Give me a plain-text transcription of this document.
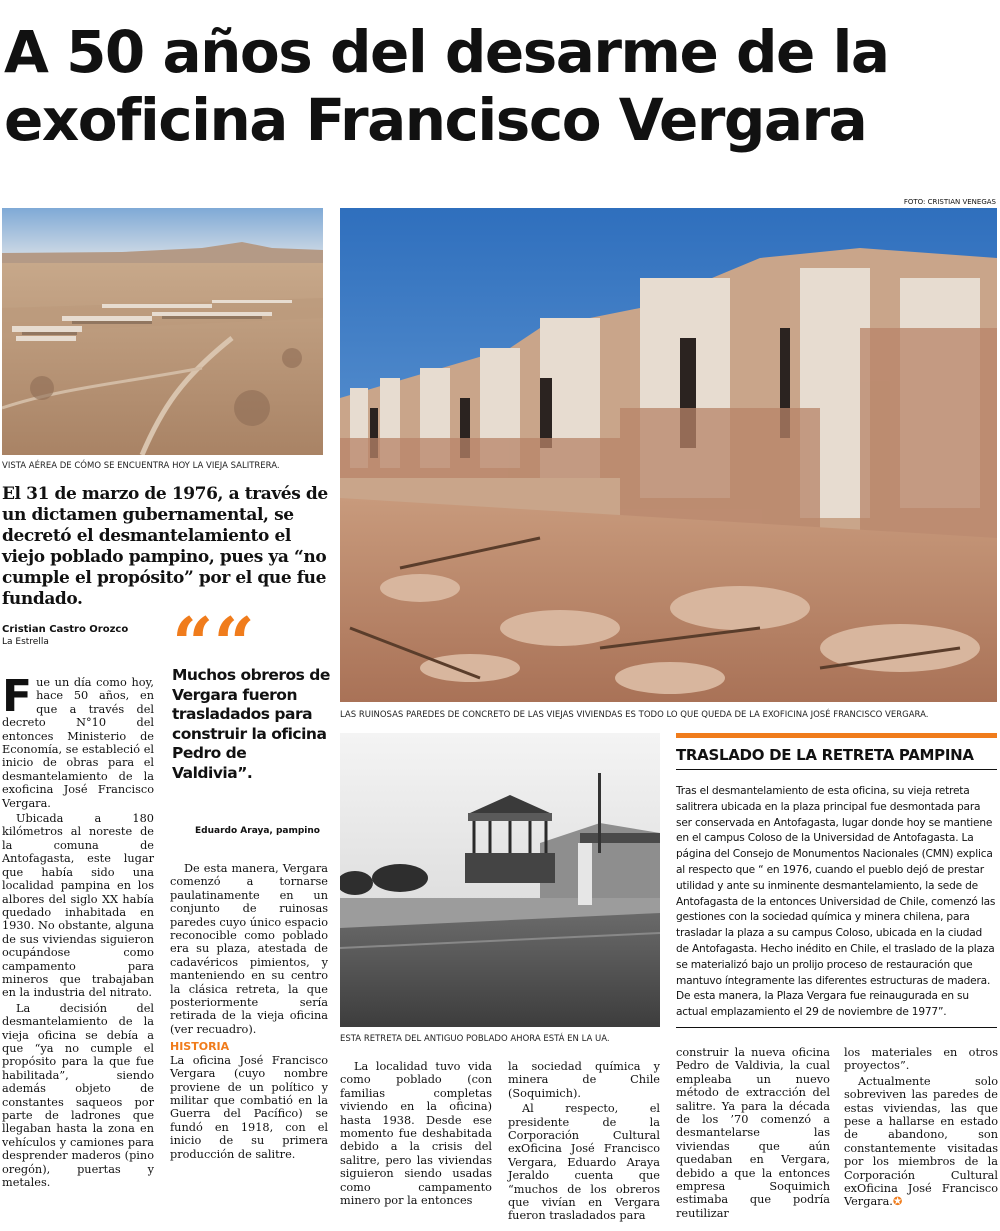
A 50 años del desarme de la exoficina Francisco Vergara
FOTO: CRISTIAN VENEGAS
VISTA AÉREA DE CÓMO SE ENCUENTRA HOY LA VIEJA SALITRERA.
El 31 de marzo de 1976, a través de un dictamen gubernamental, se decretó el desmantelamiento el viejo poblado pampino, pues ya “no cumple el propósito” por el que fue fundado.
Cristian Castro Orozco
La Estrella

Fue un día como hoy, hace 50 años, en que a través del decreto N°10 del entonces Ministerio de Economía, se estableció el inicio de obras para el desmantelamiento de la exoficina José Francisco Vergara.

Ubicada a 180 kilómetros al noreste de la comuna de Antofagasta, este lugar que había sido una localidad pampina en los albores del siglo XX había quedado inhabitada en 1930. No obstante, alguna de sus viviendas siguieron ocupándose como campamento para mineros que trabajaban en la industria del nitrato.

La decisión del desmantelamiento de la vieja oficina se debía a que “ya no cumple el propósito para la que fue habilitada”, siendo además objeto de constantes saqueos por parte de ladrones que llegaban hasta la zona en vehículos y camiones para desprender maderos (pino oregón), puertas y metales.

““
Muchos obreros de Vergara fueron trasladados para construir la oficina Pedro de Valdivia”.
Eduardo Araya, pampino

De esta manera, Vergara comenzó a tornarse paulatinamente en un conjunto de ruinosas paredes cuyo único espacio reconocible como poblado era su plaza, atestada de cadavéricos pimientos, y manteniendo en su centro la clásica retreta, la que posteriormente sería retirada de la vieja oficina (ver recuadro).

HISTORIA

La oficina José Francisco Vergara (cuyo nombre proviene de un político y militar que combatió en la Guerra del Pacífico) se fundó en 1918, con el inicio de su primera producción de salitre.

LAS RUINOSAS PAREDES DE CONCRETO DE LAS VIEJAS VIVIENDAS ES TODO LO QUE QUEDA DE LA EXOFICINA JOSÉ FRANCISCO VERGARA.
ESTA RETRETA DEL ANTIGUO POBLADO AHORA ESTÁ EN LA UA.

La localidad tuvo vida como poblado (con familias completas viviendo en la oficina) hasta 1938. Desde ese momento fue deshabitada debido a la crisis del salitre, pero las viviendas siguieron siendo usadas como campamento minero por la entonces

la sociedad química y minera de Chile (Soquimich).

Al respecto, el presidente de la Corporación Cultural exOficina José Francisco Vergara, Eduardo Araya Jeraldo cuenta que “muchos de los obreros que vivían en Vergara fueron trasladados para

TRASLADO DE LA RETRETA PAMPINA
Tras el desmantelamiento de esta oficina, su vieja retreta salitrera ubicada en la plaza principal fue desmontada para ser conservada en Antofagasta, lugar donde hoy se mantiene en el campus Coloso de la Universidad de Antofagasta. La página del Consejo de Monumentos Nacionales (CMN) explica al respecto que “ en 1976, cuando el pueblo dejó de prestar utilidad y ante su inminente desmantelamiento, la sede de Antofagasta de la entonces Universidad de Chile, comenzó las gestiones con la sociedad química y minera chilena, para trasladar la plaza a su campus Coloso, ubicada en la ciudad de Antofagasta. Hecho inédito en Chile, el traslado de la plaza se materializó bajo un prolijo proceso de restauración que mantuvo íntegramente las diferentes estructuras de madera. De esta manera, la Plaza Vergara fue reinaugurada en su actual emplazamiento el 29 de noviembre de 1977”.

construir la nueva oficina Pedro de Valdivia, la cual empleaba un nuevo método de extracción del salitre. Ya para la década de los ’70 comenzó a desmantelarse las viviendas que aún quedaban en Vergara, debido a que la entonces empresa Soquimich estimaba que podría reutilizar

los materiales en otros proyectos”.

Actualmente solo sobreviven las paredes de estas viviendas, las que pese a hallarse en estado de abandono, son constantemente visitadas por los miembros de la Corporación Cultural exOficina José Francisco Vergara.✪
